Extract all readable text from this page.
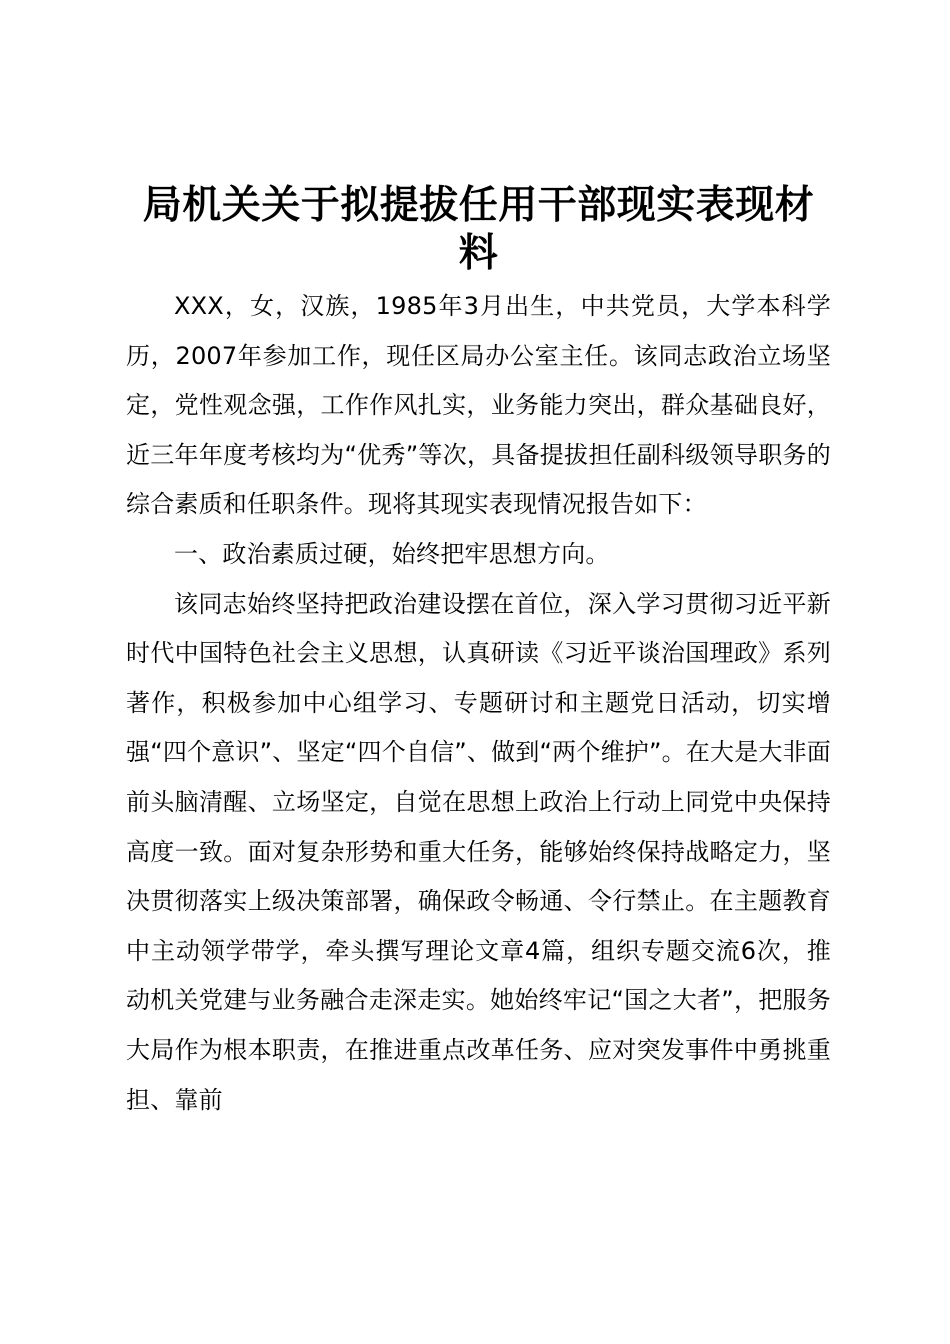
局机关关于拟提拔任用干部现实表现材料

XXX，女，汉族，1985年3月出生，中共党员，大学本科学历，2007年参加工作，现任区局办公室主任。该同志政治立场坚定，党性观念强，工作作风扎实，业务能力突出，群众基础良好，近三年年度考核均为“优秀”等次，具备提拔担任副科级领导职务的综合素质和任职条件。现将其现实表现情况报告如下：

一、政治素质过硬，始终把牢思想方向。

该同志始终坚持把政治建设摆在首位，深入学习贯彻习近平新时代中国特色社会主义思想，认真研读《习近平谈治国理政》系列著作，积极参加中心组学习、专题研讨和主题党日活动，切实增强“四个意识”、坚定“四个自信”、做到“两个维护”。在大是大非面前头脑清醒、立场坚定，自觉在思想上政治上行动上同党中央保持高度一致。面对复杂形势和重大任务，能够始终保持战略定力，坚决贯彻落实上级决策部署，确保政令畅通、令行禁止。在主题教育中主动领学带学，牵头撰写理论文章4篇，组织专题交流6次，推动机关党建与业务融合走深走实。她始终牢记“国之大者”，把服务大局作为根本职责，在推进重点改革任务、应对突发事件中勇挑重担、靠前
